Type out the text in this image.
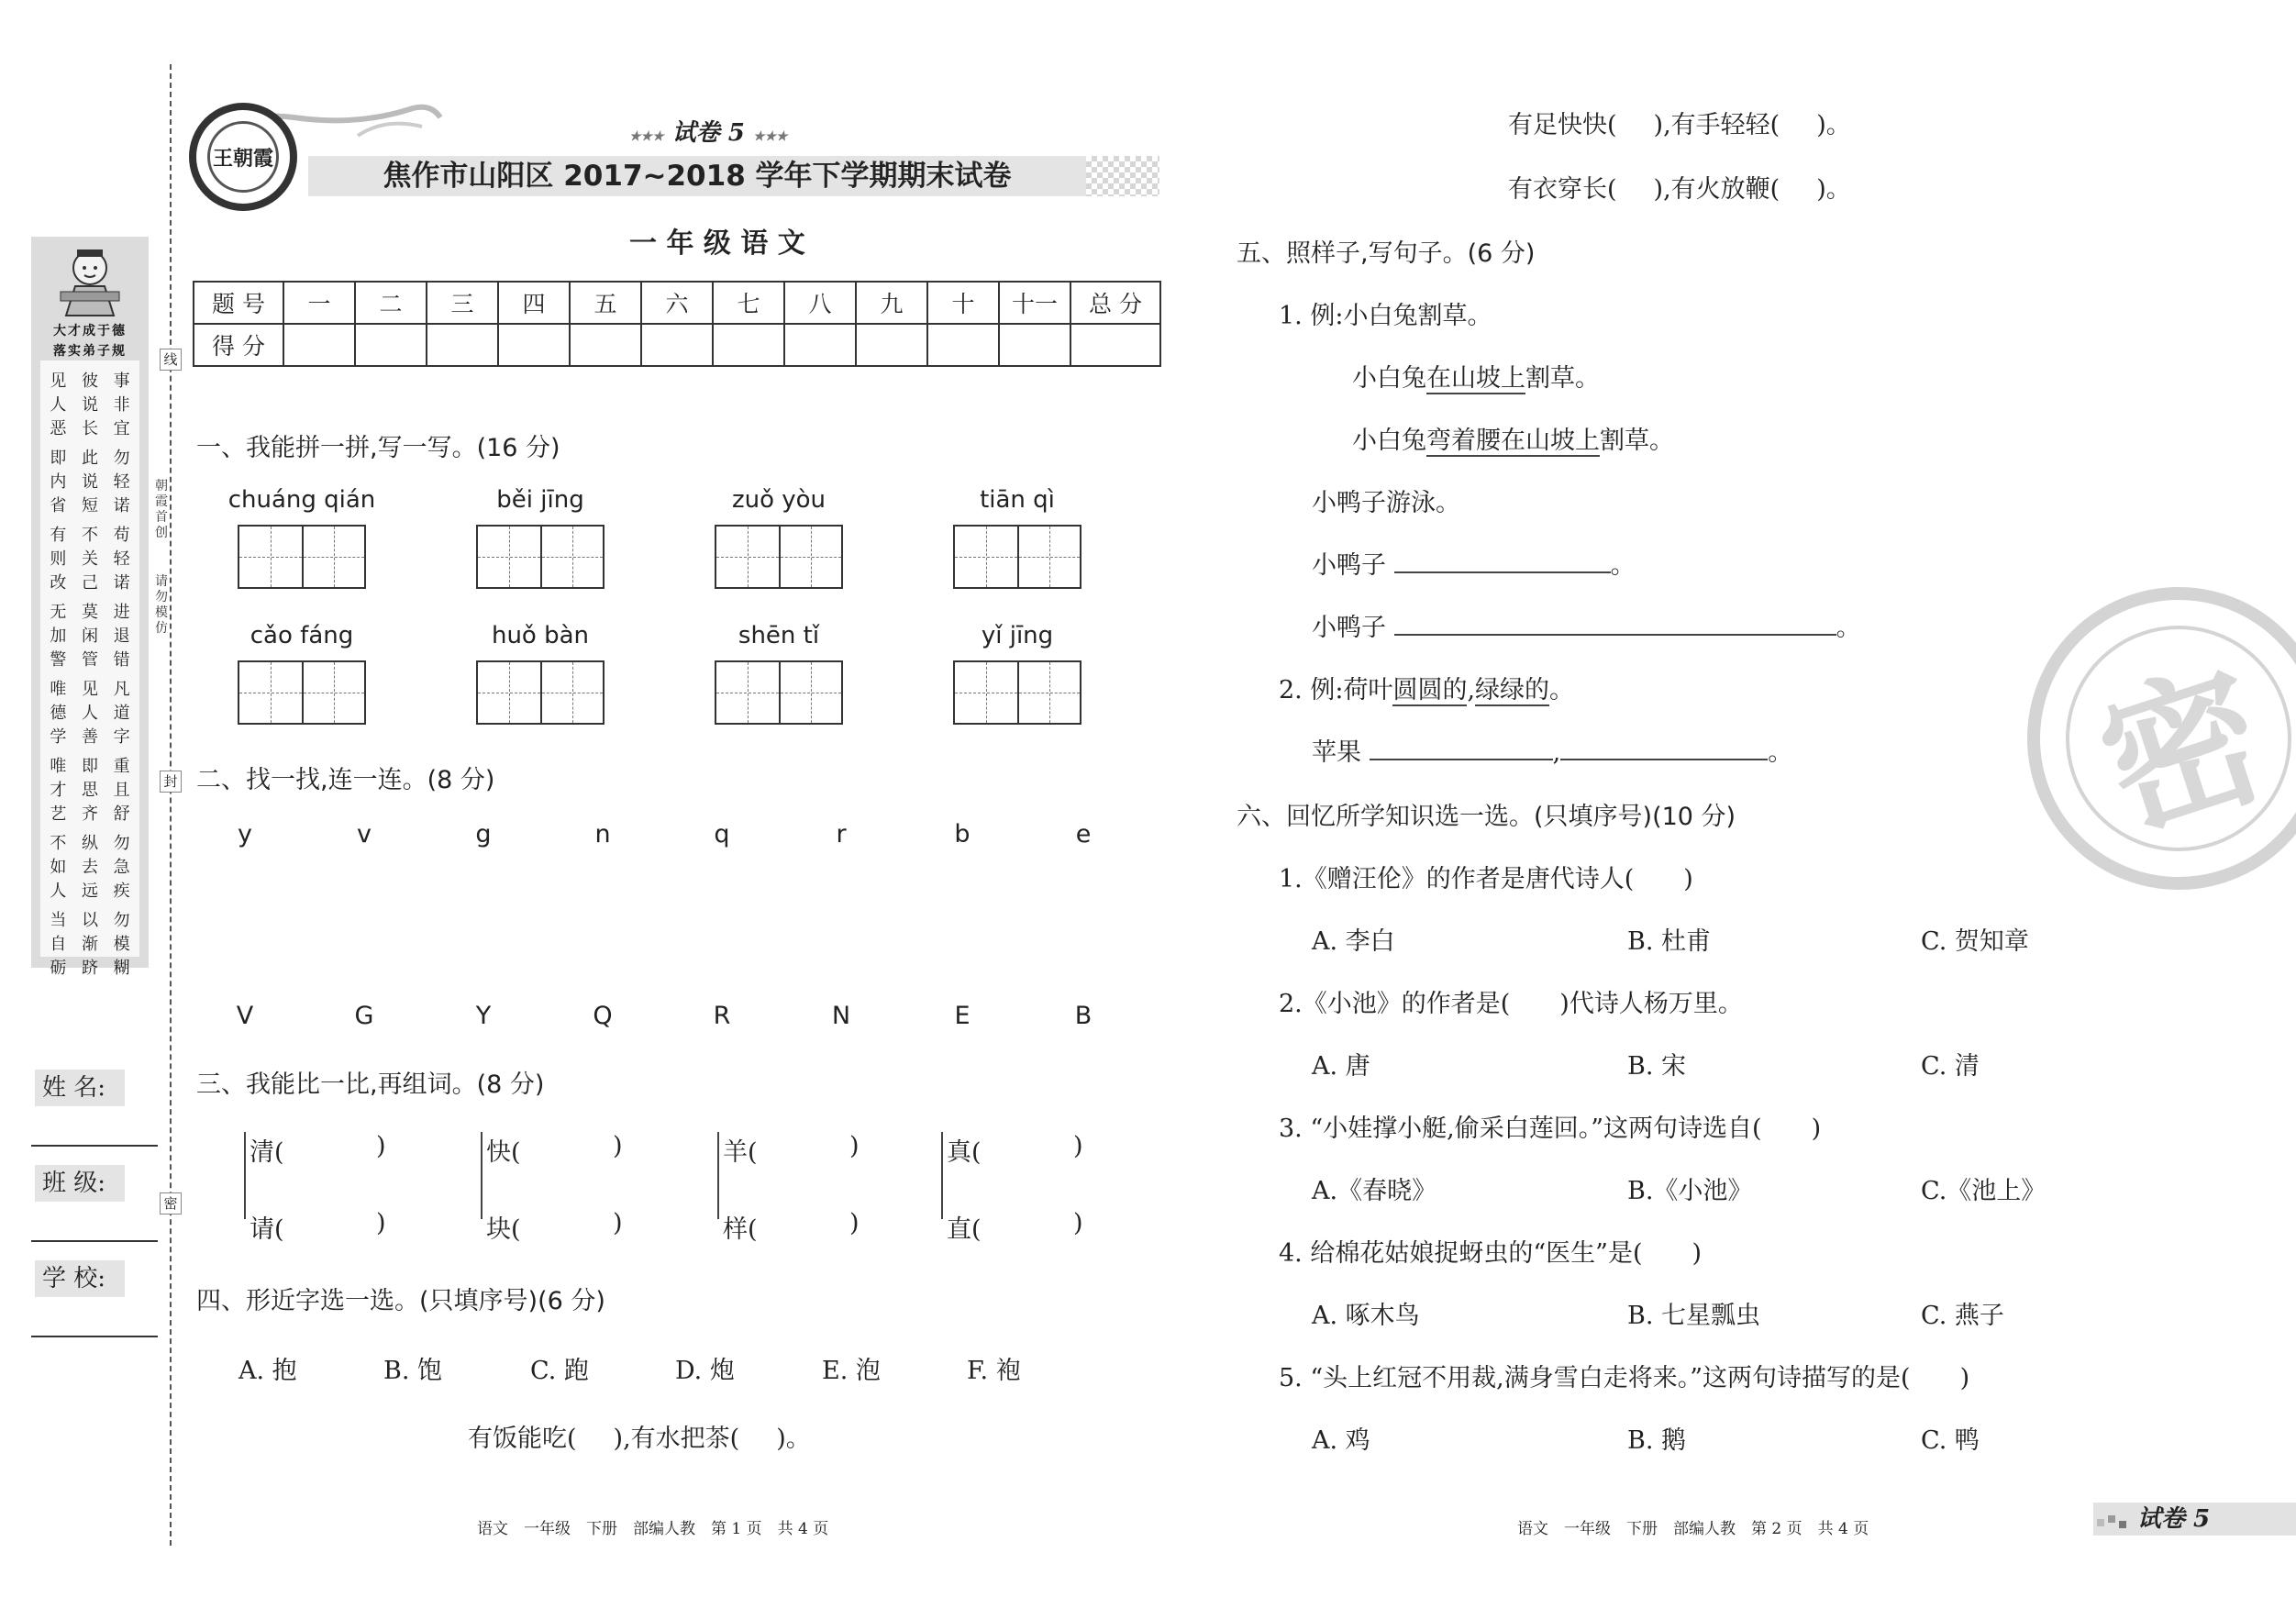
大才成于德
落实弟子规
见 彼 事
人 说 非
恶 长 宜
即 此 勿
内 说 轻
省 短 诺
有 不 苟
则 关 轻
改 己 诺
无 莫 进
加 闲 退
警 管 错
唯 见 凡
德 人 道
学 善 字
唯 即 重
才 思 且
艺 齐 舒
不 纵 勿
如 去 急
人 远 疾
当 以 勿
自 渐 模
砺 跻 糊
线
封
密
朝霞首创
请勿模仿
姓 名:
班 级:
学 校:
焦作市山阳区 2017~2018 学年下学期期末试卷
王朝霞
★★★ 试卷 5 ★★★
一 年 级 语 文
题 号	一	二	三	四	五	六	七	八	九	十	十一	总 分
得 分												
一、我能拼一拼,写一写。(16 分)
chuáng qián	běi jīng	zuǒ yòu	tiān qì
cǎo fáng	huǒ bàn	shēn tǐ	yǐ jīng
二、找一找,连一连。(8 分)
y	v	g	n	q	r	b	e
V	G	Y	Q	R	N	E	B
三、我能比一比,再组词。(8 分)
清(	)
请(	)
快(	)
块(	)
羊(	)
样(	)
真(	)
直(	)
四、形近字选一选。(只填序号)(6 分)
A. 抱	B. 饱	C. 跑	D. 炮	E. 泡	F. 袍
有饭能吃( ),有水把茶( )。
有足快快( ),有手轻轻( )。
有衣穿长( ),有火放鞭( )。
五、照样子,写句子。(6 分)
1. 例:小白兔割草。
小白兔在山坡上割草。
小白兔弯着腰在山坡上割草。
小鸭子游泳。
小鸭子	。
小鸭子	。
2. 例:荷叶圆圆的,绿绿的。
苹果	,	。
六、回忆所学知识选一选。(只填序号)(10 分)
1.《赠汪伦》的作者是唐代诗人(　　)
A. 李白	B. 杜甫	C. 贺知章
2.《小池》的作者是(　　)代诗人杨万里。
A. 唐	B. 宋	C. 清
3. “小娃撑小艇,偷采白莲回。”这两句诗选自(　　)
A.《春晓》	B.《小池》	C.《池上》
4. 给棉花姑娘捉蚜虫的“医生”是(　　)
A. 啄木鸟	B. 七星瓢虫	C. 燕子
5. “头上红冠不用裁,满身雪白走将来。”这两句诗描写的是(　　)
A. 鸡	B. 鹅	C. 鸭
密
语文　一年级　下册　部编人教　第 1 页　共 4 页	语文　一年级　下册　部编人教　第 2 页　共 4 页	试卷 5
